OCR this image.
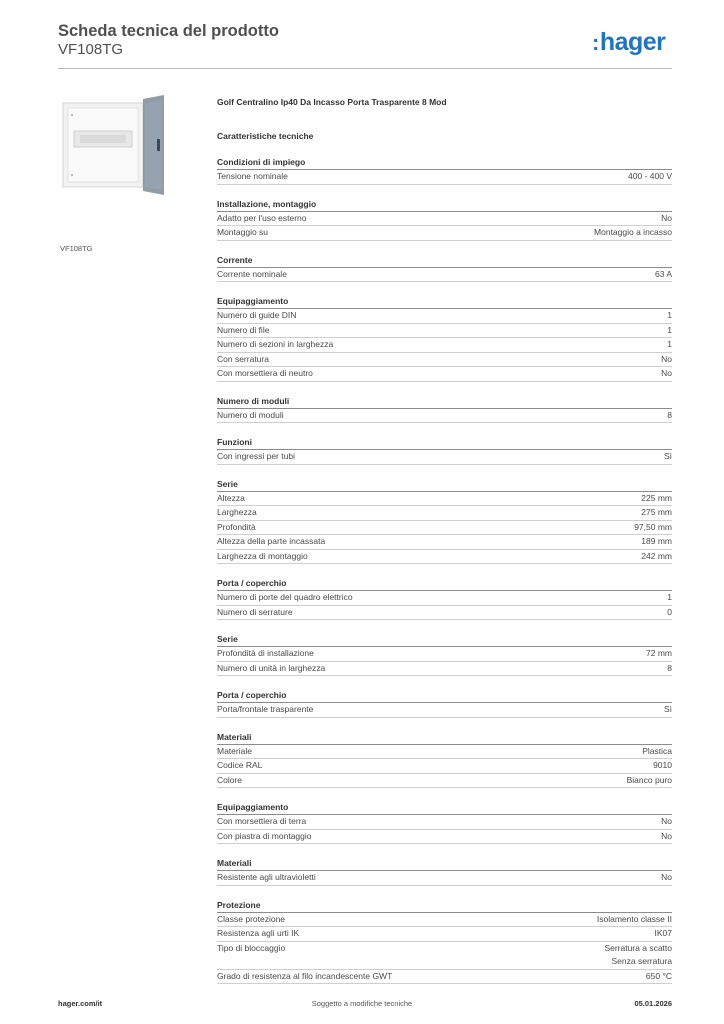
Scheda tecnica del prodotto
VF108TG	:hager
VF108TG
Golf Centralino Ip40 Da Incasso Porta Trasparente 8 Mod
Caratteristiche tecniche
Condizioni di impiego
Tensione nominale	400 - 400 V
Installazione, montaggio
Adatto per l'uso esterno	No
Montaggio su	Montaggio a incasso
Corrente
Corrente nominale	63 A
Equipaggiamento
Numero di guide DIN	1
Numero di file	1
Numero di sezioni in larghezza	1
Con serratura	No
Con morsettiera di neutro	No
Numero di moduli
Numero di moduli	8
Funzioni
Con ingressi per tubi	Sì
Serie
Altezza	225 mm
Larghezza	275 mm
Profondità	97,50 mm
Altezza della parte incassata	189 mm
Larghezza di montaggio	242 mm
Porta / coperchio
Numero di porte del quadro elettrico	1
Numero di serrature	0
Serie
Profondità di installazione	72 mm
Numero di unità in larghezza	8
Porta / coperchio
Porta/frontale trasparente	Sì
Materiali
Materiale	Plastica
Codice RAL	9010
Colore	Bianco puro
Equipaggiamento
Con morsettiera di terra	No
Con piastra di montaggio	No
Materiali
Resistente agli ultravioletti	No
Protezione
Classe protezione	Isolamento classe II
Resistenza agli urti IK	IK07
Tipo di bloccaggio	Serratura a scatto
Senza serratura
Grado di resistenza al filo incandescente GWT	650 °C
hager.com/it	Soggetto a modifiche tecniche	05.01.2026
